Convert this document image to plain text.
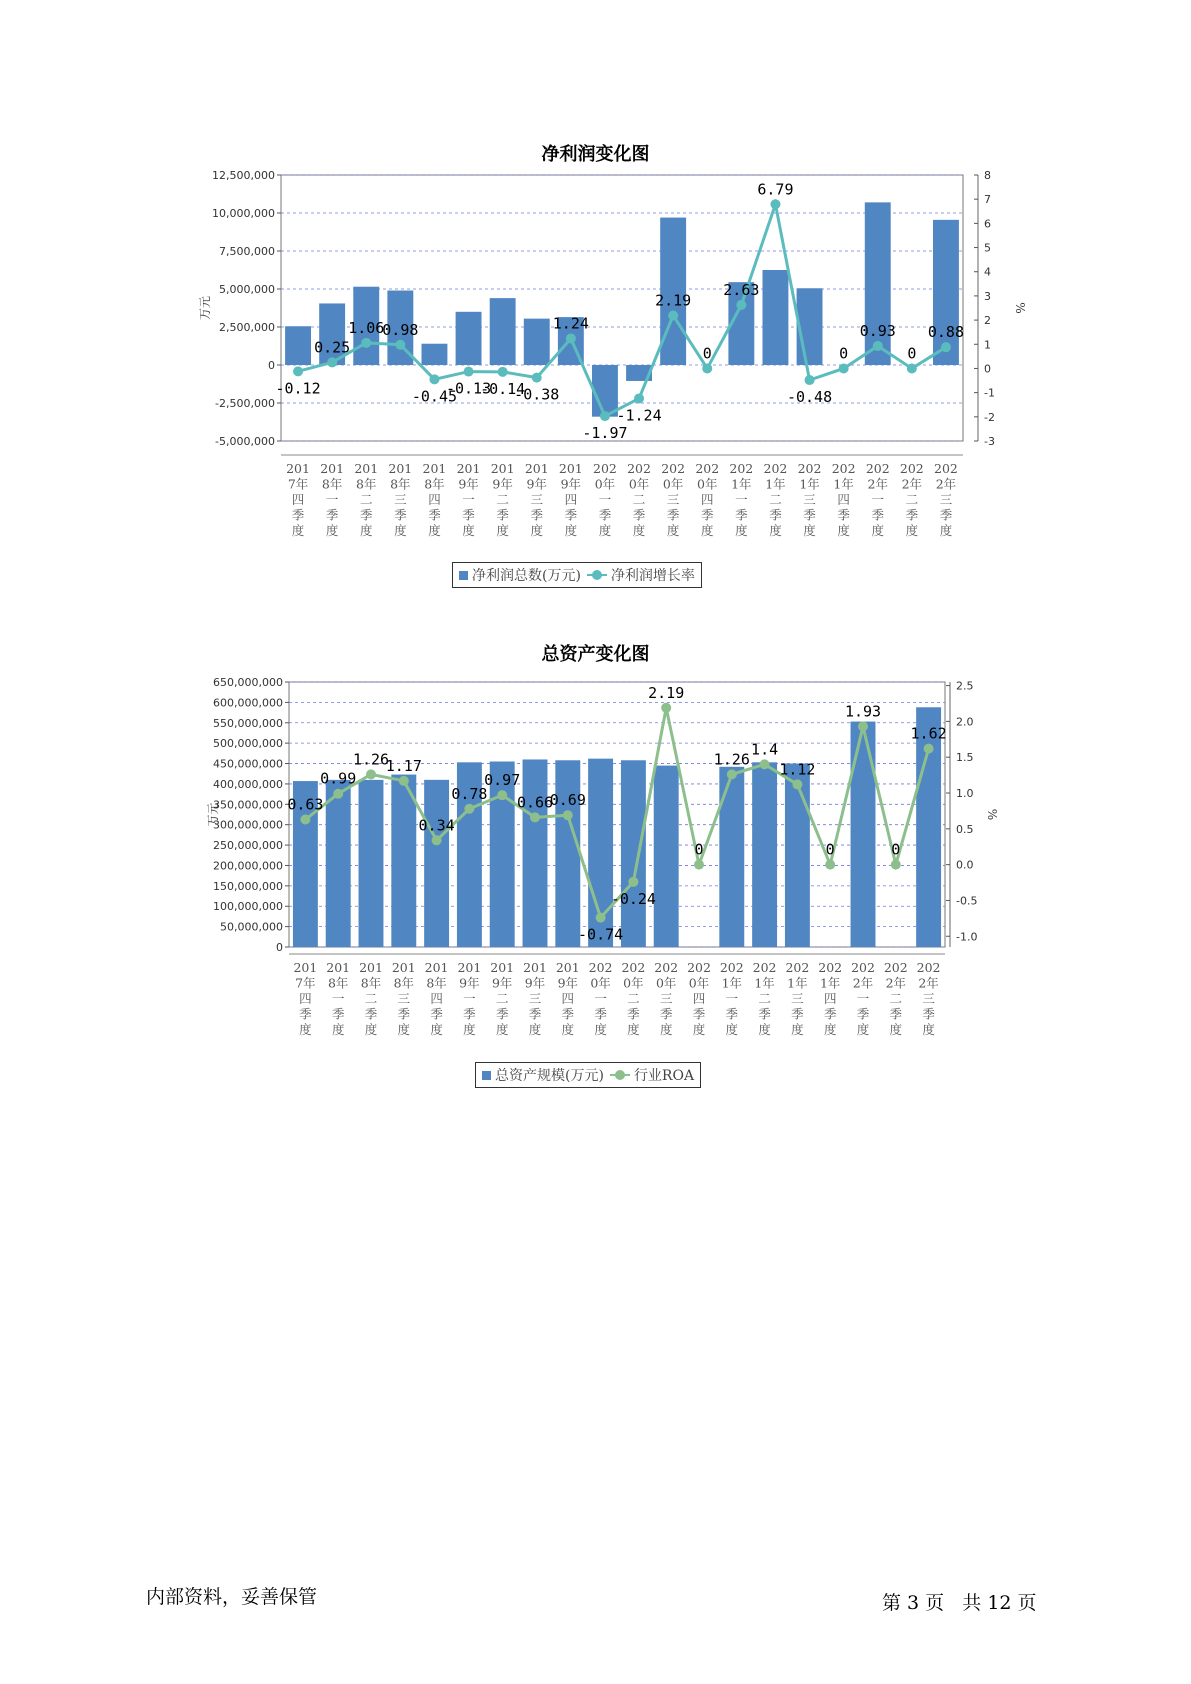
净利润变化图
12,500,000
10,000,000
7,500,000
5,000,000
2,500,000
0
-2,500,000
-5,000,000
8
7
6
5
4
3
2
1
0
-1
-2
-3
万元	%
201
7年
四
季
度
201
8年
一
季
度
201
8年
二
季
度
201
8年
三
季
度
201
8年
四
季
度
201
9年
一
季
度
201
9年
二
季
度
201
9年
三
季
度
201
9年
四
季
度
202
0年
一
季
度
202
0年
二
季
度
202
0年
三
季
度
202
0年
四
季
度
202
1年
一
季
度
202
1年
二
季
度
202
1年
三
季
度
202
1年
四
季
度
202
2年
一
季
度
202
2年
二
季
度
202
2年
三
季
度
-0.12
0.25
1.06
0.98
-0.45
-0.13
-0.14
-0.38
1.24
-1.97
-1.24
2.19
0
2.63
6.79
-0.48
0
0.93
0
0.88
净利润总数(万元) 净利润增长率
总资产变化图
650,000,000
600,000,000
550,000,000
500,000,000
450,000,000
400,000,000
350,000,000
300,000,000
250,000,000
200,000,000
150,000,000
100,000,000
50,000,000
0
2.5
2.0
1.5
1.0
0.5
0.0
-0.5
-1.0
万元	%
201
7年
四
季
度
201
8年
一
季
度
201
8年
二
季
度
201
8年
三
季
度
201
8年
四
季
度
201
9年
一
季
度
201
9年
二
季
度
201
9年
三
季
度
201
9年
四
季
度
202
0年
一
季
度
202
0年
二
季
度
202
0年
三
季
度
202
0年
四
季
度
202
1年
一
季
度
202
1年
二
季
度
202
1年
三
季
度
202
1年
四
季
度
202
2年
一
季
度
202
2年
二
季
度
202
2年
三
季
度
0.63
0.99
1.26
1.17
0.34
0.78
0.97
0.66
0.69
-0.74
-0.24
2.19
0
1.26
1.4
1.12
0
1.93
0
1.62
总资产规模(万元) 行业ROA
内部资料，妥善保管	第 3 页   共 12 页
